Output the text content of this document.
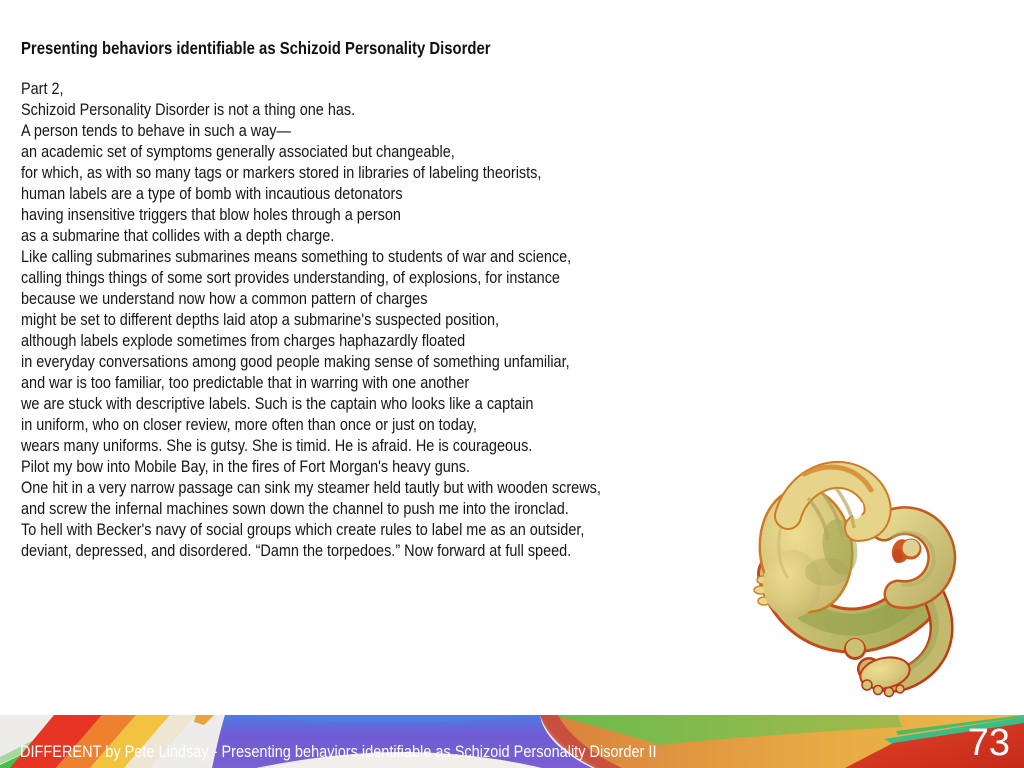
Presenting behaviors identifiable as Schizoid Personality Disorder
Part 2,
Schizoid Personality Disorder is not a thing one has.
A person tends to behave in such a way—
an academic set of symptoms generally associated but changeable,
for which, as with so many tags or markers stored in libraries of labeling theorists,
human labels are a type of bomb with incautious detonators
having insensitive triggers that blow holes through a person
as a submarine that collides with a depth charge.
Like calling submarines submarines means something to students of war and science,
calling things things of some sort provides understanding, of explosions, for instance
because we understand now how a common pattern of charges
might be set to different depths laid atop a submarine's suspected position,
although labels explode sometimes from charges haphazardly floated
in everyday conversations among good people making sense of something unfamiliar,
and war is too familiar, too predictable that in warring with one another
we are stuck with descriptive labels. Such is the captain who looks like a captain
in uniform, who on closer review, more often than once or just on today,
wears many uniforms. She is gutsy. She is timid. He is afraid. He is courageous.
Pilot my bow into Mobile Bay, in the fires of Fort Morgan's heavy guns.
One hit in a very narrow passage can sink my steamer held tautly but with wooden screws,
and screw the infernal machines sown down the channel to push me into the ironclad.
To hell with Becker's navy of social groups which create rules to label me as an outsider,
deviant, depressed, and disordered. “Damn the torpedoes.” Now forward at full speed.
DIFFERENT by Pete Lindsay - Presenting behaviors identifiable as Schizoid Personality Disorder II	73
